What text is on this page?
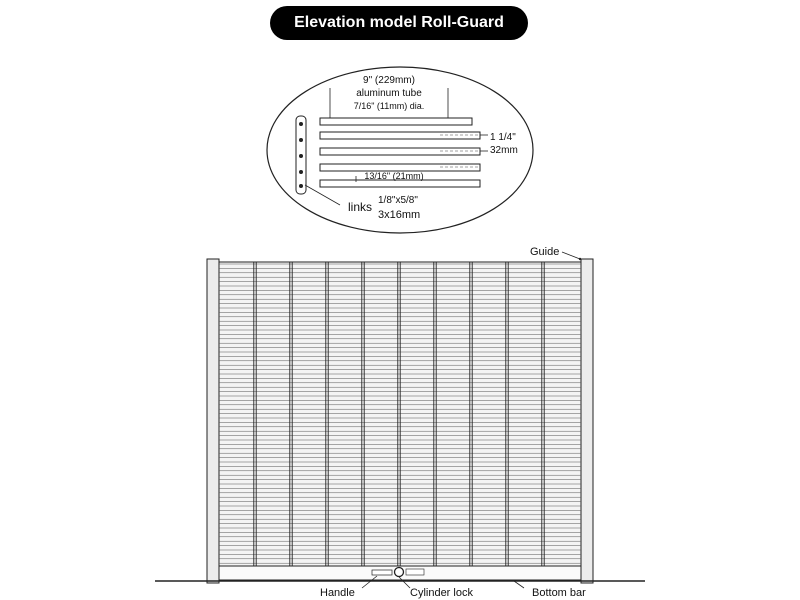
Elevation model Roll-Guard
9" (229mm)
aluminum tube
7/16" (11mm) dia.
1 1/4"
32mm
13/16" (21mm)
links 1/8"x5/8"
3x16mm
Guide
Handle	Cylinder lock	Bottom bar
